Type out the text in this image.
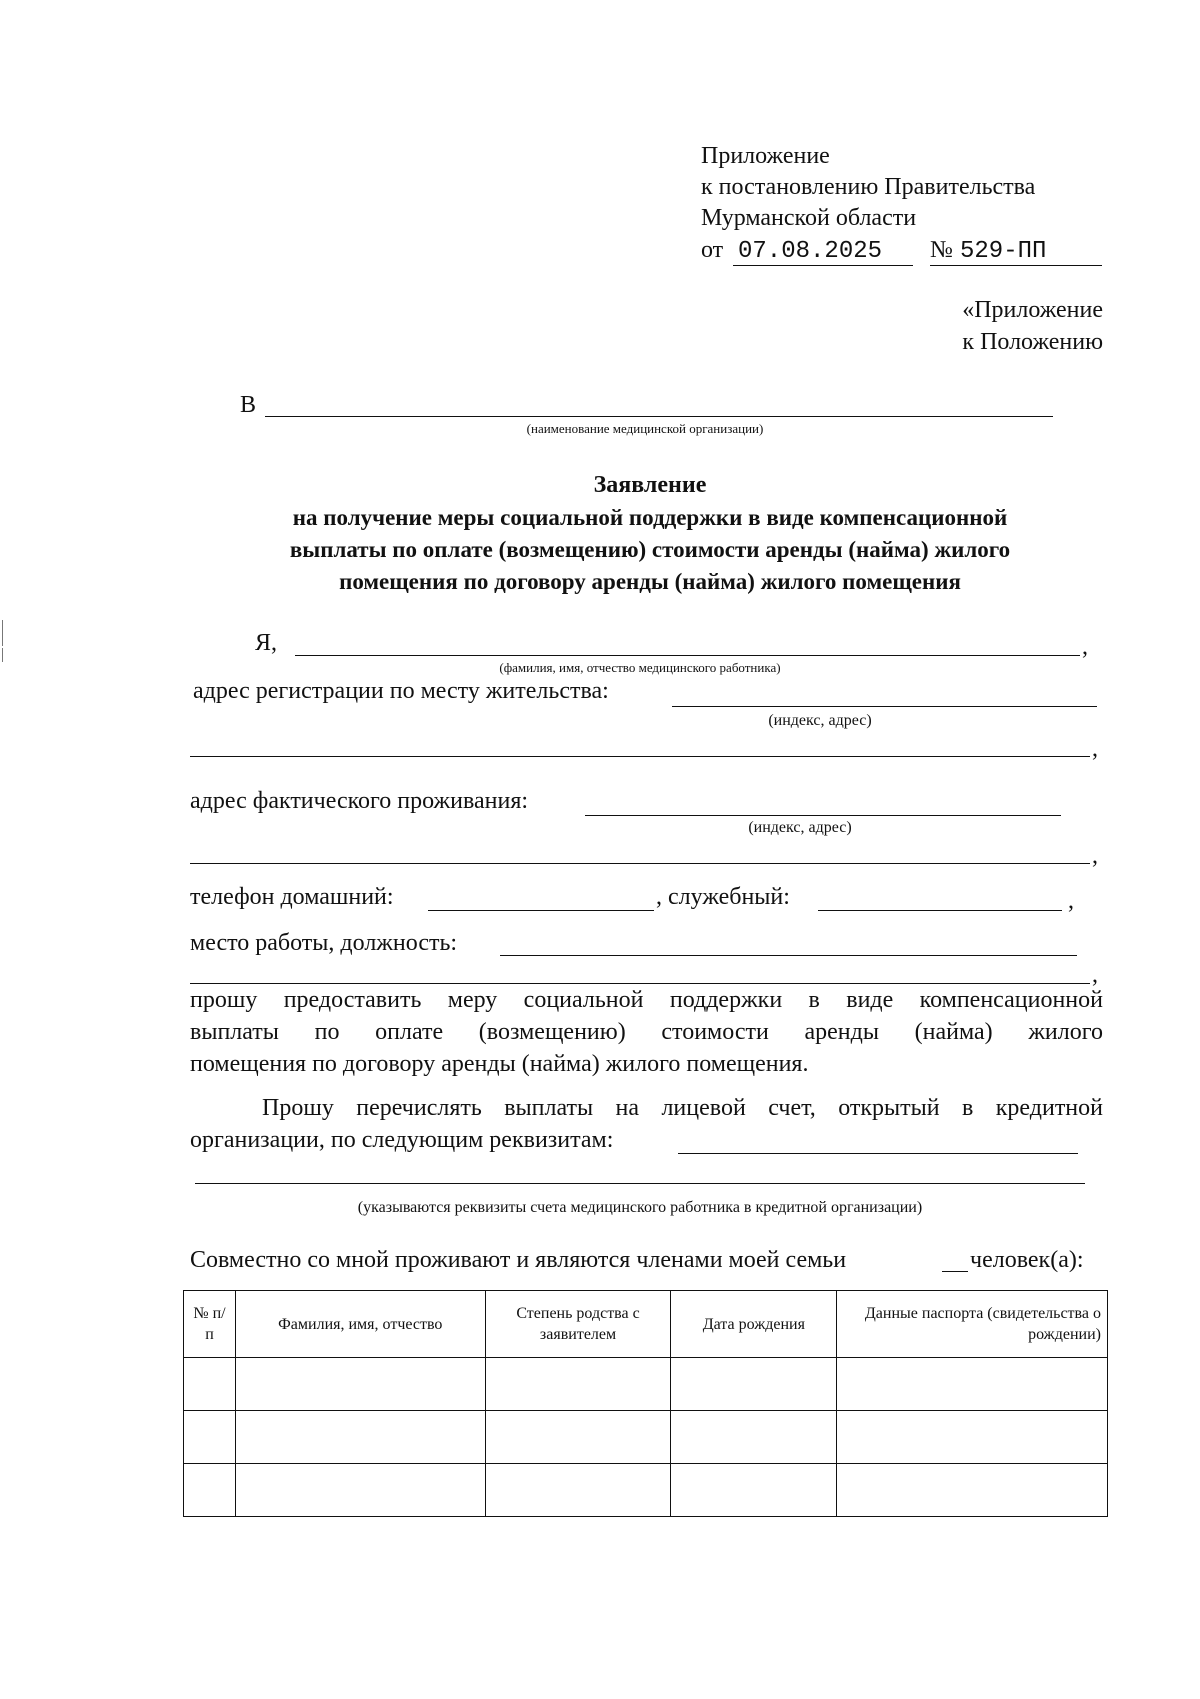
Приложение
к постановлению Правительства
Мурманской области
от 07.08.2025 № 529-ПП
«Приложение
к Положению
В
(наименование медицинской организации)
Заявление
на получение меры социальной поддержки в виде компенсационной
выплаты по оплате (возмещению) стоимости аренды (найма) жилого
помещения по договору аренды (найма) жилого помещения
Я,	,
(фамилия, имя, отчество медицинского работника)
адрес регистрации по месту жительства:
(индекс, адрес)
,
адрес фактического проживания:
(индекс, адрес)
,
телефон домашний:	, служебный:	,
место работы, должность:
,
прошу предоставить меру социальной поддержки в виде компенсационной
выплаты по оплате (возмещению) стоимости аренды (найма) жилого
помещения по договору аренды (найма) жилого помещения.
Прошу перечислять выплаты на лицевой счет, открытый в кредитной
организации, по следующим реквизитам:
(указываются реквизиты счета медицинского работника в кредитной организации)
Совместно со мной проживают и являются членами моей семьи	человек(а):
№ п/п	Фамилия, имя, отчество	Степень родства с заявителем	Дата рождения	Данные паспорта (свидетельства о рождении)
